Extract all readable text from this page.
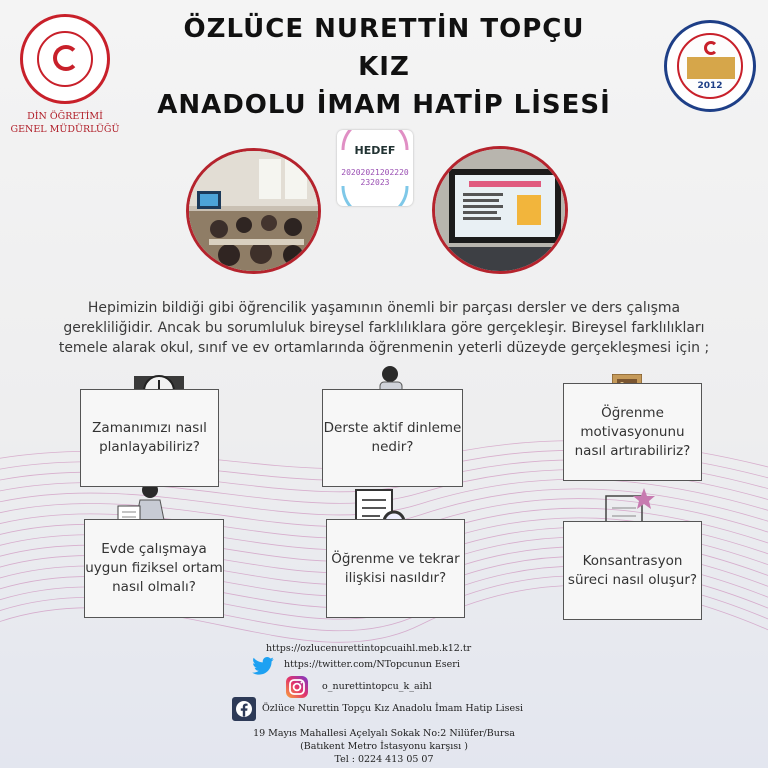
DİN ÖĞRETİMİ
GENEL MÜDÜRLÜĞÜ
ÖZLÜCE NURETTİN TOPÇU
KIZ
ANADOLU İMAM HATİP LİSESİ
2012
HEDEF
20202021202220232023
Hepimizin bildiği gibi öğrencilik yaşamının önemli bir parçası dersler ve ders çalışma gerekliliğidir. Ancak bu sorumluluk bireysel farklılıklara göre gerçekleşir. Bireysel farklılıkları temele alarak okul, sınıf ve ev ortamlarında öğrenmenin yeterli düzeyde gerçekleşmesi için ;
Zamanımızı nasıl planlayabiliriz?
Derste aktif dinleme nedir?
Öğrenme motivasyonunu nasıl artırabiliriz?
Evde çalışmaya uygun fiziksel ortam nasıl olmalı?
Öğrenme ve tekrar ilişkisi nasıldır?
Konsantrasyon süreci nasıl oluşur?
https://ozlucenurettintopcuaihl.meb.k12.tr
https://twitter.com/NTopcunun Eseri
o_nurettintopcu_k_aihl
Özlüce Nurettin Topçu Kız Anadolu İmam Hatip Lisesi
19 Mayıs Mahallesi Açelyalı Sokak No:2 Nilüfer/Bursa
(Batıkent Metro İstasyonu karşısı )
Tel : 0224 413 05 07
